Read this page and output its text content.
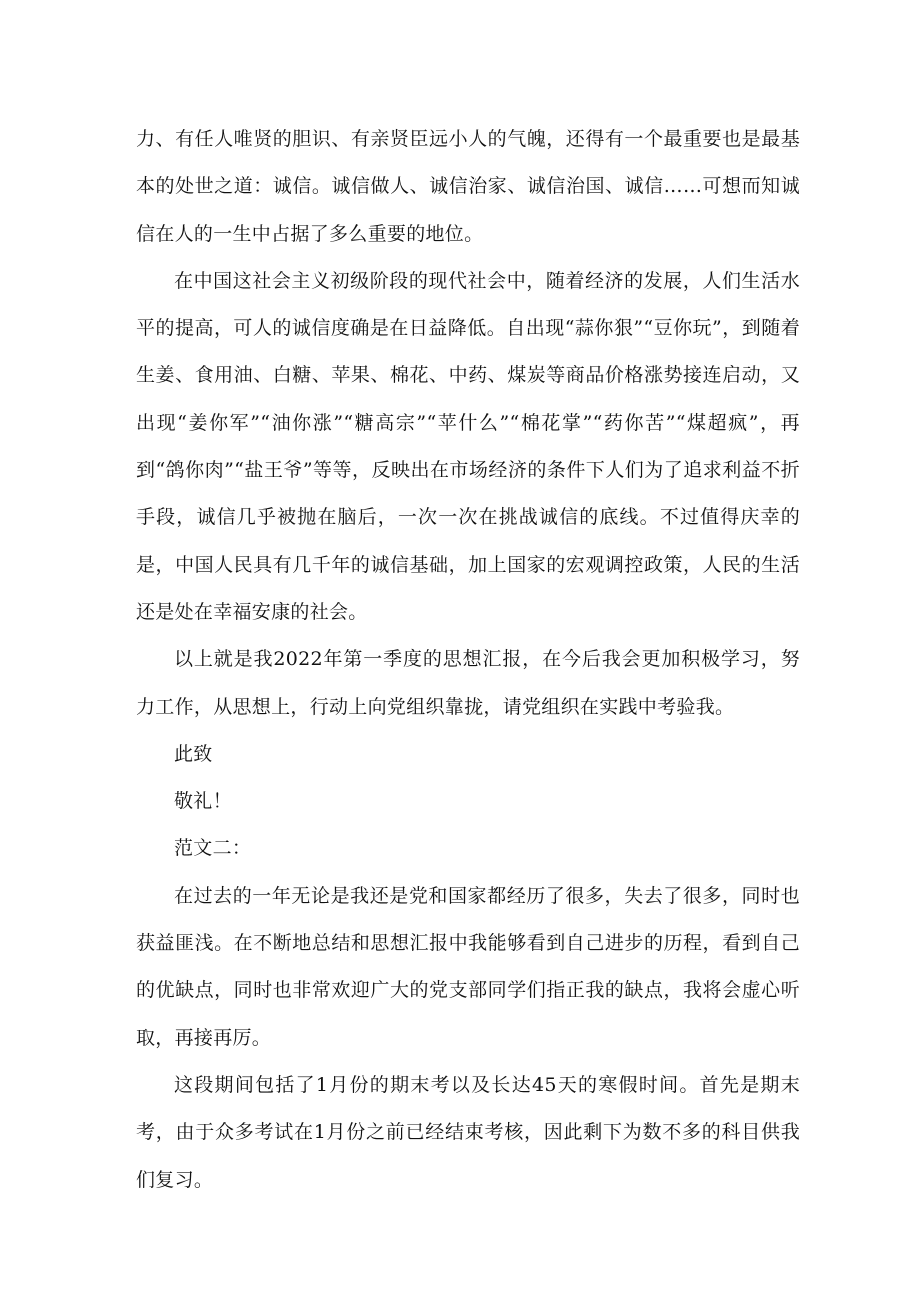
力、有任人唯贤的胆识、有亲贤臣远小人的气魄，还得有一个最重要也是最基本的处世之道：诚信。诚信做人、诚信治家、诚信治国、诚信……可想而知诚信在人的一生中占据了多么重要的地位。

在中国这社会主义初级阶段的现代社会中，随着经济的发展，人们生活水平的提高，可人的诚信度确是在日益降低。自出现“蒜你狠”“豆你玩”，到随着生姜、食用油、白糖、苹果、棉花、中药、煤炭等商品价格涨势接连启动，又出现“姜你军”“油你涨”“糖高宗”“苹什么”“棉花掌”“药你苦”“煤超疯”，再到“鸽你肉”“盐王爷”等等，反映出在市场经济的条件下人们为了追求利益不折手段，诚信几乎被抛在脑后，一次一次在挑战诚信的底线。不过值得庆幸的是，中国人民具有几千年的诚信基础，加上国家的宏观调控政策，人民的生活还是处在幸福安康的社会。

以上就是我2022年第一季度的思想汇报，在今后我会更加积极学习，努力工作，从思想上，行动上向党组织靠拢，请党组织在实践中考验我。

此致

敬礼！

范文二：

在过去的一年无论是我还是党和国家都经历了很多，失去了很多，同时也获益匪浅。在不断地总结和思想汇报中我能够看到自己进步的历程，看到自己的优缺点，同时也非常欢迎广大的党支部同学们指正我的缺点，我将会虚心听取，再接再厉。

这段期间包括了1月份的期末考以及长达45天的寒假时间。首先是期末考，由于众多考试在1月份之前已经结束考核，因此剩下为数不多的科目供我们复习。
